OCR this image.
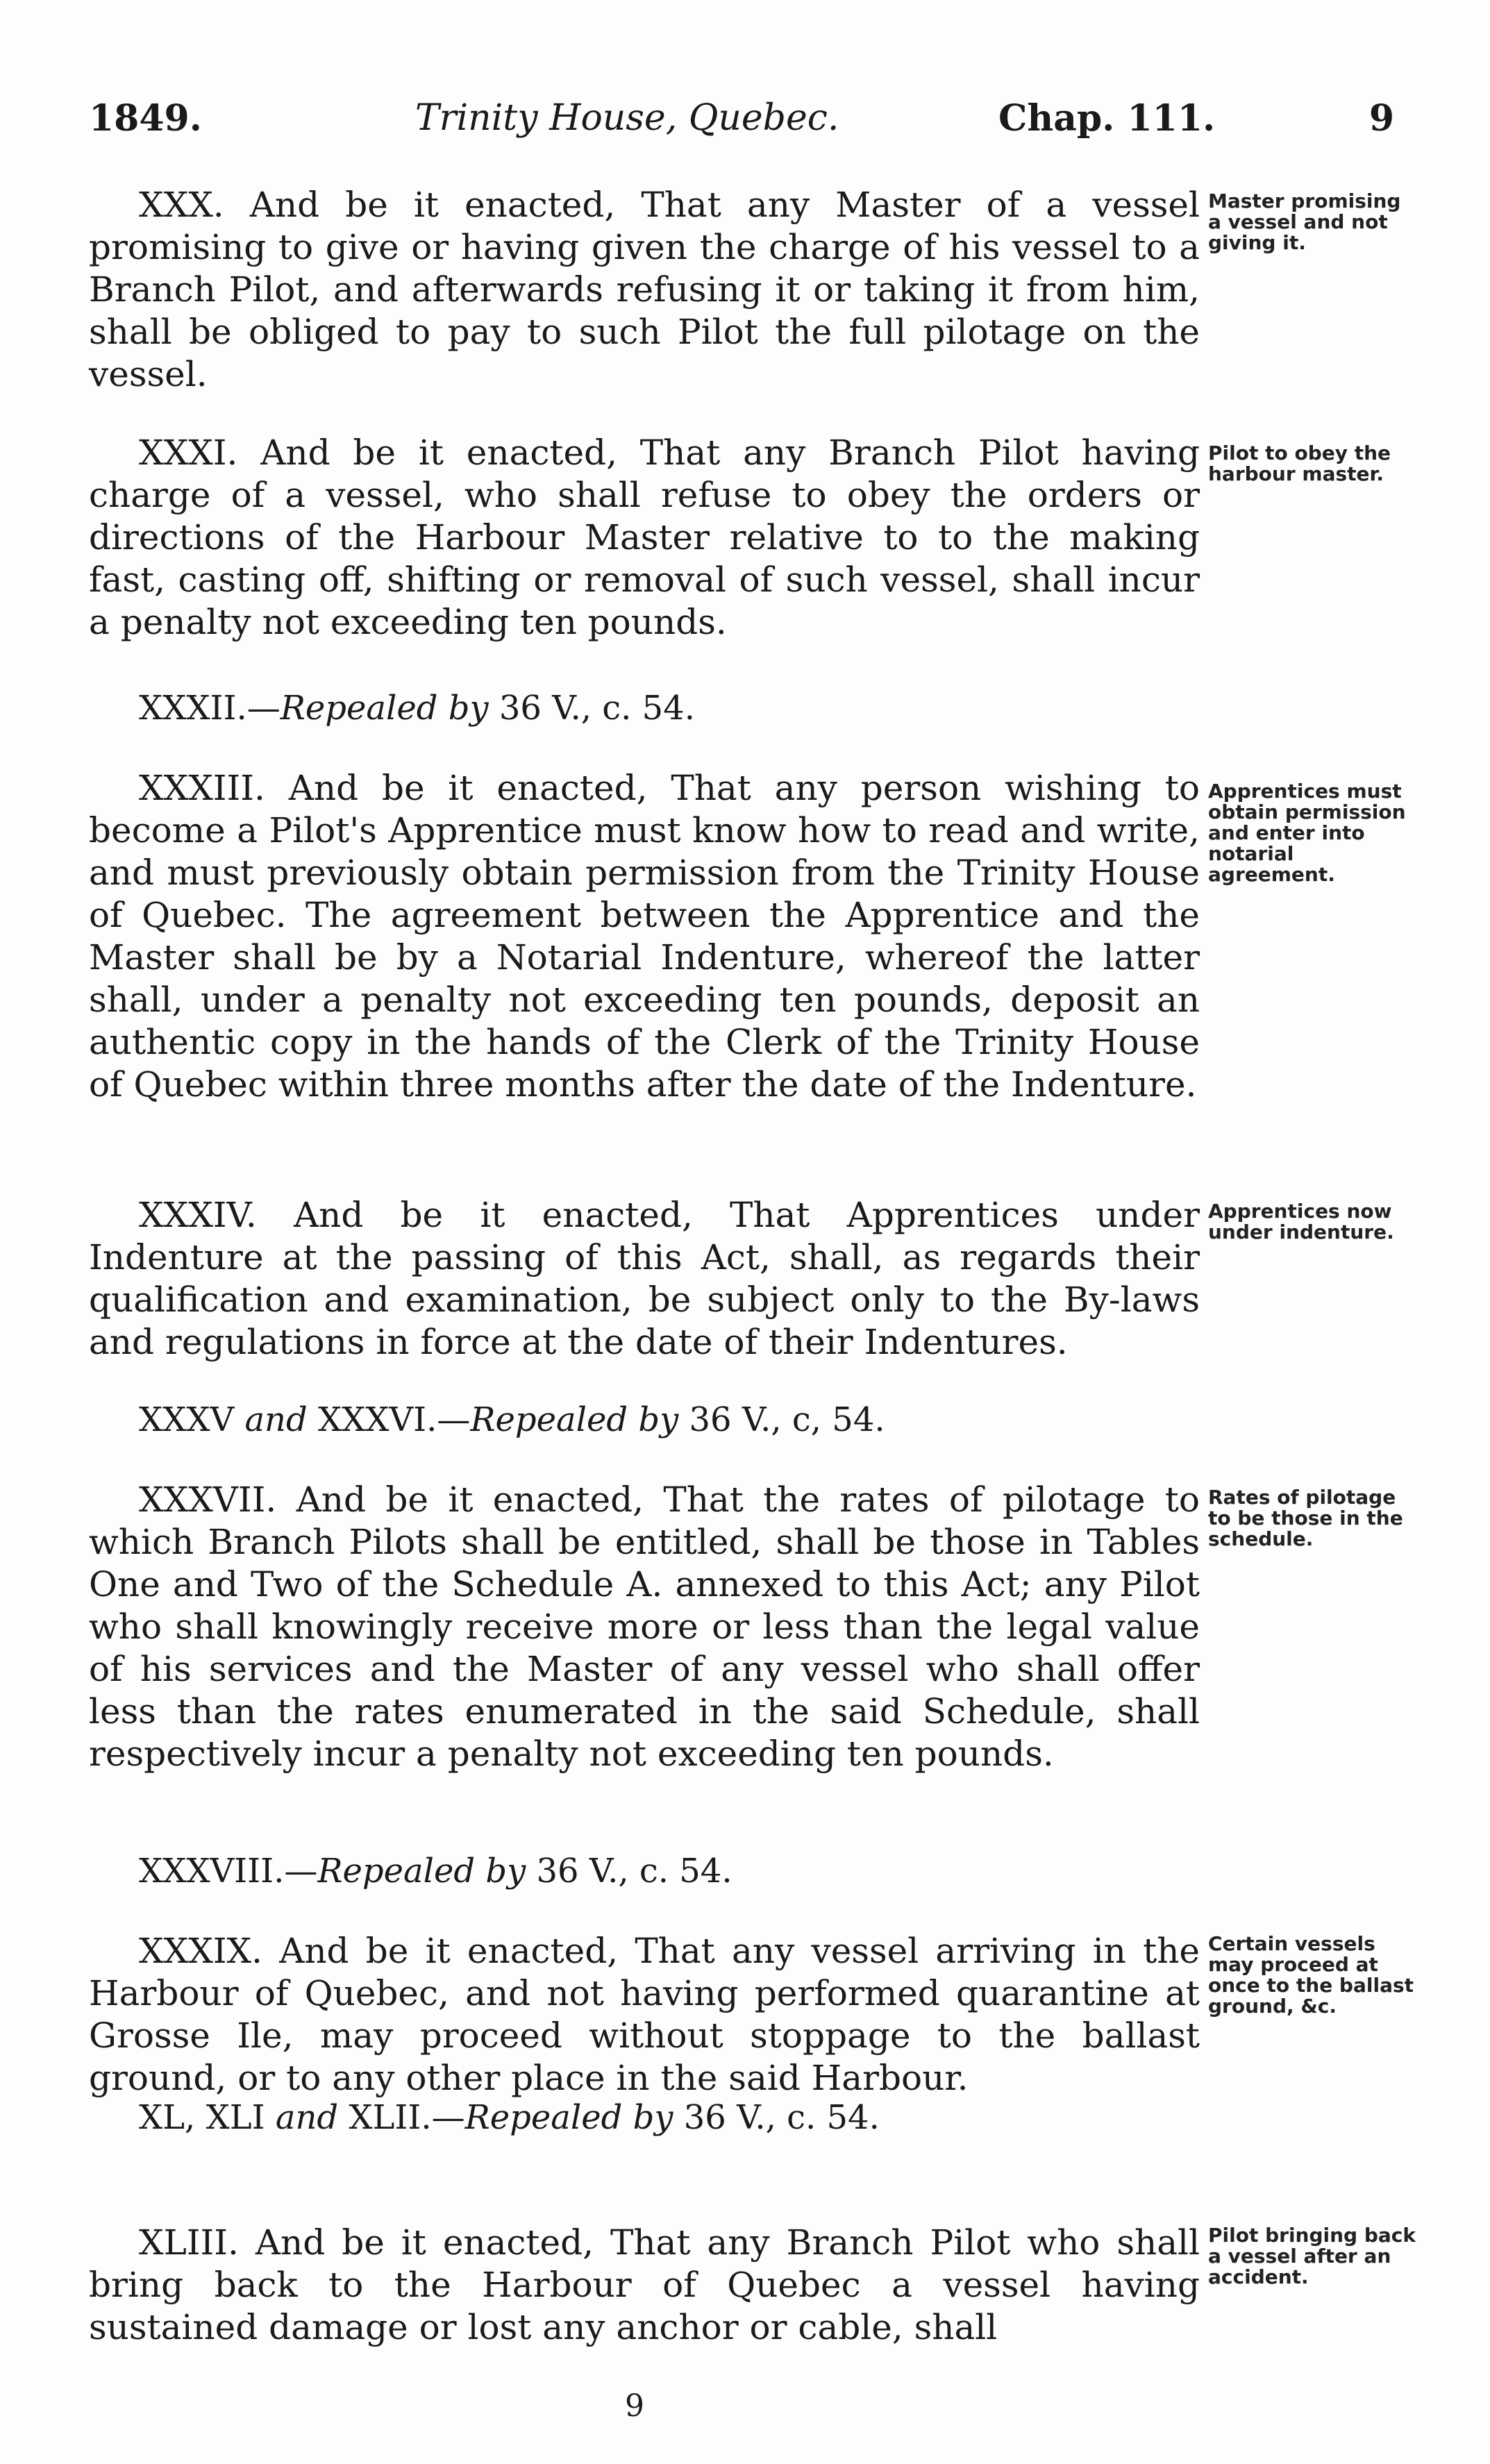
1849.	Trinity House, Quebec.	Chap. 111.	9
XXX. And be it enacted, That any Master of a vessel promising to give or having given the charge of his vessel to a Branch Pilot, and afterwards refusing it or taking it from him, shall be obliged to pay to such Pilot the full pilotage on the vessel.
Master promising a vessel and not giving it.
XXXI. And be it enacted, That any Branch Pilot having charge of a vessel, who shall refuse to obey the orders or directions of the Harbour Master relative to to the making fast, casting off, shifting or removal of such vessel, shall incur a penalty not exceeding ten pounds.
Pilot to obey the harbour master.
XXXII.—Repealed by 36 V., c. 54.
XXXIII. And be it enacted, That any person wishing to become a Pilot's Apprentice must know how to read and write, and must previously obtain permission from the Trinity House of Quebec. The agreement between the Apprentice and the Master shall be by a Notarial Indenture, whereof the latter shall, under a penalty not exceeding ten pounds, deposit an authentic copy in the hands of the Clerk of the Trinity House of Quebec within three months after the date of the Indenture.
Apprentices must obtain permission and enter into notarial agreement.
XXXIV. And be it enacted, That Apprentices under Indenture at the passing of this Act, shall, as regards their qualification and examination, be subject only to the By-laws and regulations in force at the date of their Indentures.
Apprentices now under indenture.
XXXV and XXXVI.—Repealed by 36 V., c, 54.
XXXVII. And be it enacted, That the rates of pilotage to which Branch Pilots shall be entitled, shall be those in Tables One and Two of the Schedule A. annexed to this Act; any Pilot who shall knowingly receive more or less than the legal value of his services and the Master of any vessel who shall offer less than the rates enumerated in the said Schedule, shall respectively incur a penalty not exceeding ten pounds.
Rates of pilotage to be those in the schedule.
XXXVIII.—Repealed by 36 V., c. 54.
XXXIX. And be it enacted, That any vessel arriving in the Harbour of Quebec, and not having performed quarantine at Grosse Ile, may proceed without stoppage to the ballast ground, or to any other place in the said Harbour.
Certain vessels may proceed at once to the ballast ground, &c.
XL, XLI and XLII.—Repealed by 36 V., c. 54.
XLIII. And be it enacted, That any Branch Pilot who shall bring back to the Harbour of Quebec a vessel having sustained damage or lost any anchor or cable, shall
Pilot bringing back a vessel after an accident.
9
